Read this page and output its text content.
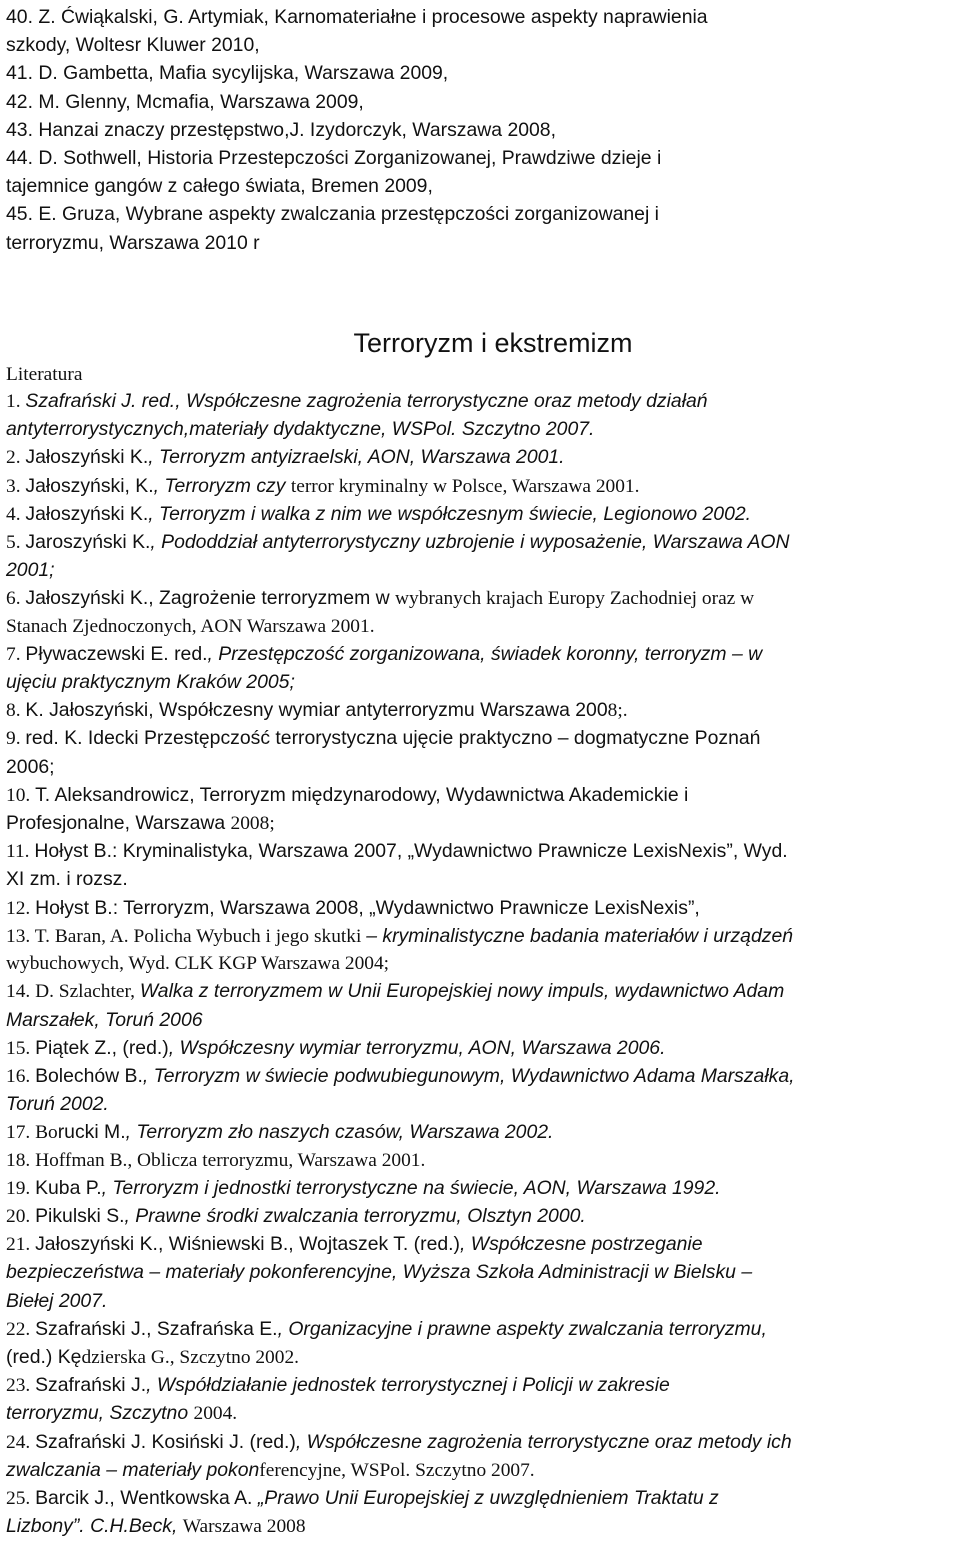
40. Z. Ćwiąkalski, G. Artymiak, Karnomateriałne i procesowe aspekty naprawienia
szkody, Woltesr Kluwer 2010,
41. D. Gambetta, Mafia sycylijska, Warszawa 2009,
42. M. Glenny, Mcmafia, Warszawa 2009,
43. Hanzai znaczy przestępstwo,J. Izydorczyk, Warszawa 2008,
44. D. Sothwell, Historia Przestepczości Zorganizowanej, Prawdziwe dzieje i
tajemnice gangów z całego świata, Bremen 2009,
45. E. Gruza, Wybrane aspekty zwalczania przestępczości zorganizowanej i
terroryzmu, Warszawa 2010 r
Terroryzm i ekstremizm
Literatura
1. Szafrański J. red., Współczesne zagrożenia terrorystyczne oraz metody działań
antyterrorystycznych,materiały dydaktyczne, WSPol. Szczytno 2007.
2. Jałoszyński K., Terroryzm antyizraelski, AON, Warszawa 2001.
3. Jałoszyński, K., Terroryzm czy terror kryminalny w Polsce, Warszawa 2001.
4. Jałoszyński K., Terroryzm i walka z nim we współczesnym świecie, Legionowo 2002.
5. Jaroszyński K., Pododdział antyterrorystyczny uzbrojenie i wyposażenie, Warszawa AON
2001;
6. Jałoszyński K., Zagrożenie terroryzmem w wybranych krajach Europy Zachodniej oraz w
Stanach Zjednoczonych, AON Warszawa 2001.
7. Pływaczewski E. red., Przestępczość zorganizowana, świadek koronny, terroryzm – w
ujęciu praktycznym Kraków 2005;
8. K. Jałoszyński, Współczesny wymiar antyterroryzmu Warszawa 2008;.
9. red. K. Idecki Przestępczość terrorystyczna ujęcie praktyczno – dogmatyczne Poznań
2006;
10. T. Aleksandrowicz, Terroryzm międzynarodowy, Wydawnictwa Akademickie i
Profesjonalne, Warszawa 2008;
11. Hołyst B.: Kryminalistyka, Warszawa 2007, „Wydawnictwo Prawnicze LexisNexis”, Wyd.
XI zm. i rozsz.
12. Hołyst B.: Terroryzm, Warszawa 2008, „Wydawnictwo Prawnicze LexisNexis”,
13. T. Baran, A. Policha Wybuch i jego skutki – kryminalistyczne badania materiałów i urządzeń
wybuchowych, Wyd. CLK KGP Warszawa 2004;
14. D. Szlachter, Walka z terroryzmem w Unii Europejskiej nowy impuls, wydawnictwo Adam
Marszałek, Toruń 2006
15. Piątek Z., (red.), Współczesny wymiar terroryzmu, AON, Warszawa 2006.
16. Bolechów B., Terroryzm w świecie podwubiegunowym, Wydawnictwo Adama Marszałka,
Toruń 2002.
17. Borucki M., Terroryzm zło naszych czasów, Warszawa 2002.
18. Hoffman B., Oblicza terroryzmu, Warszawa 2001.
19. Kuba P., Terroryzm i jednostki terrorystyczne na świecie, AON, Warszawa 1992.
20. Pikulski S., Prawne środki zwalczania terroryzmu, Olsztyn 2000.
21. Jałoszyński K., Wiśniewski B., Wojtaszek T. (red.), Współczesne postrzeganie
bezpieczeństwa – materiały pokonferencyjne, Wyższa Szkoła Administracji w Bielsku –
Biełej 2007.
22. Szafrański J., Szafrańska E., Organizacyjne i prawne aspekty zwalczania terroryzmu,
(red.) Kędzierska G., Szczytno 2002.
23. Szafrański J., Współdziałanie jednostek terrorystycznej i Policji w zakresie
terroryzmu, Szczytno 2004.
24. Szafrański J. Kosiński J. (red.), Współczesne zagrożenia terrorystyczne oraz metody ich
zwalczania – materiały pokonferencyjne, WSPol. Szczytno 2007.
25. Barcik J., Wentkowska A. „Prawo Unii Europejskiej z uwzględnieniem Traktatu z
Lizbony”. C.H.Beck, Warszawa 2008
